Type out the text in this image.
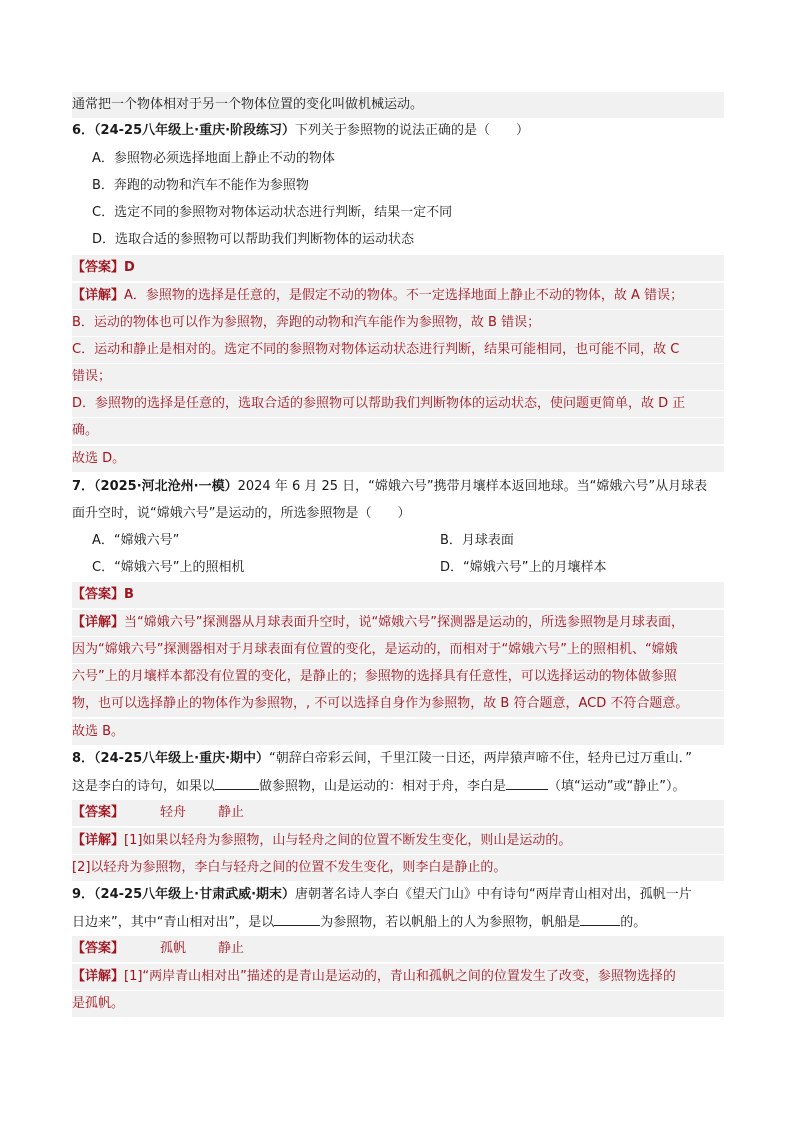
通常把一个物体相对于另一个物体位置的变化叫做机械运动。
6．（24-25八年级上·重庆·阶段练习）下列关于参照物的说法正确的是（　　）
A．参照物必须选择地面上静止不动的物体
B．奔跑的动物和汽车不能作为参照物
C．选定不同的参照物对物体运动状态进行判断，结果一定不同
D．选取合适的参照物可以帮助我们判断物体的运动状态
【答案】D
【详解】A．参照物的选择是任意的，是假定不动的物体。不一定选择地面上静止不动的物体，故 A 错误；
B．运动的物体也可以作为参照物，奔跑的动物和汽车能作为参照物，故 B 错误；
C．运动和静止是相对的。选定不同的参照物对物体运动状态进行判断，结果可能相同，也可能不同，故 C
错误；
D．参照物的选择是任意的，选取合适的参照物可以帮助我们判断物体的运动状态，使问题更简单，故 D 正
确。
故选 D。
7．（2025·河北沧州·一模）2024 年 6 月 25 日，“嫦娥六号”携带月壤样本返回地球。当“嫦娥六号”从月球表
面升空时，说“嫦娥六号”是运动的，所选参照物是（　　）
A．“嫦娥六号”	B．月球表面
C．“嫦娥六号”上的照相机	D．“嫦娥六号”上的月壤样本
【答案】B
【详解】当“嫦娥六号”探测器从月球表面升空时，说“嫦娥六号”探测器是运动的，所选参照物是月球表面，
因为“嫦娥六号”探测器相对于月球表面有位置的变化，是运动的，而相对于“嫦娥六号”上的照相机、“嫦娥
六号”上的月壤样本都没有位置的变化，是静止的；参照物的选择具有任意性，可以选择运动的物体做参照
物，也可以选择静止的物体作为参照物，, 不可以选择自身作为参照物，故 B 符合题意，ACD 不符合题意。
故选 B。
8．（24-25八年级上·重庆·期中）“朝辞白帝彩云间，千里江陵一日还，两岸猿声啼不住，轻舟已过万重山．”
这是李白的诗句，如果以	做参照物，山是运动的：相对于舟，李白是	（填“运动”或“静止”）。
【答案】	轻舟 静止
【详解】[1]如果以轻舟为参照物，山与轻舟之间的位置不断发生变化，则山是运动的。
[2]以轻舟为参照物，李白与轻舟之间的位置不发生变化，则李白是静止的。
9．（24-25八年级上·甘肃武威·期末）唐朝著名诗人李白《望天门山》中有诗句“两岸青山相对出，孤帆一片
日边来”，其中“青山相对出”，是以	为参照物，若以帆船上的人为参照物，帆船是	的。
【答案】	孤帆 静止
【详解】[1]“两岸青山相对出”描述的是青山是运动的，青山和孤帆之间的位置发生了改变，参照物选择的
是孤帆。
